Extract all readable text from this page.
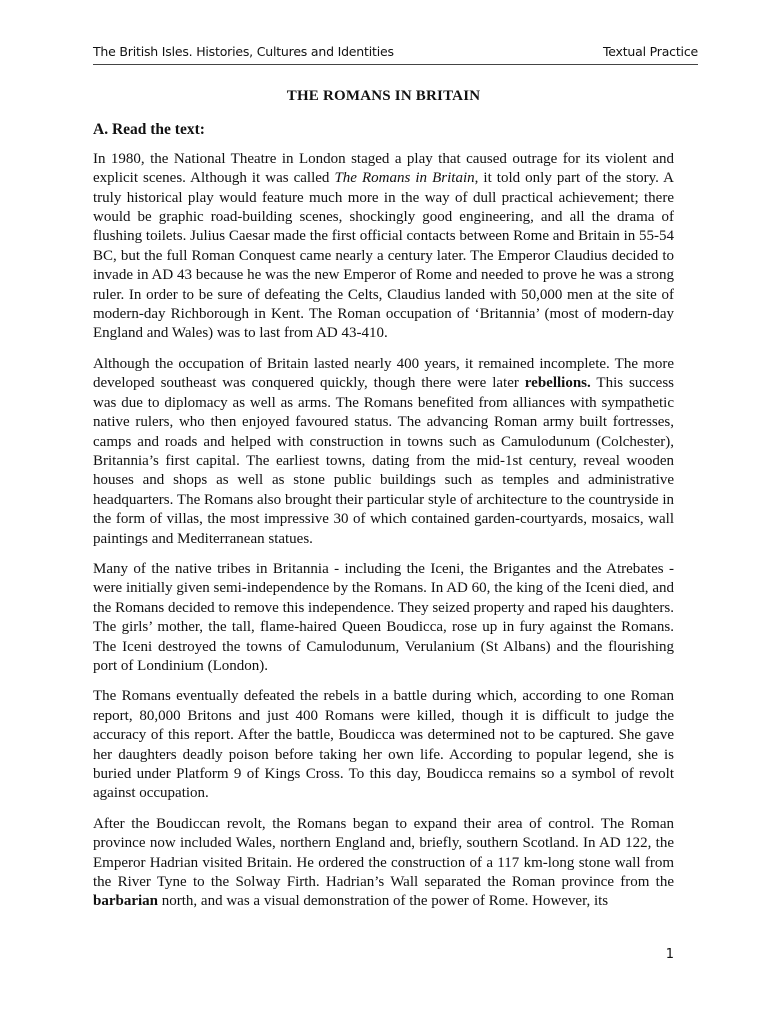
The British Isles. Histories, Cultures and Identities	Textual Practice
THE ROMANS IN BRITAIN
A. Read the text:

In 1980, the National Theatre in London staged a play that caused outrage for its violent and explicit scenes. Although it was called The Romans in Britain, it told only part of the story. A truly historical play would feature much more in the way of dull practical achievement; there would be graphic road-building scenes, shockingly good engineering, and all the drama of flushing toilets. Julius Caesar made the first official contacts between Rome and Britain in 55-54 BC, but the full Roman Conquest came nearly a century later. The Emperor Claudius decided to invade in AD 43 because he was the new Emperor of Rome and needed to prove he was a strong ruler. In order to be sure of defeating the Celts, Claudius landed with 50,000 men at the site of modern-day Richborough in Kent. The Roman occupation of ‘Britannia’ (most of modern-day England and Wales) was to last from AD 43-410.

Although the occupation of Britain lasted nearly 400 years, it remained incomplete. The more developed southeast was conquered quickly, though there were later rebellions. This success was due to diplomacy as well as arms. The Romans benefited from alliances with sympathetic native rulers, who then enjoyed favoured status. The advancing Roman army built fortresses, camps and roads and helped with construction in towns such as Camulodunum (Colchester), Britannia’s first capital. The earliest towns, dating from the mid-1st century, reveal wooden houses and shops as well as stone public buildings such as temples and administrative headquarters. The Romans also brought their particular style of architecture to the countryside in the form of villas, the most impressive 30 of which contained garden-courtyards, mosaics, wall paintings and Mediterranean statues.

Many of the native tribes in Britannia - including the Iceni, the Brigantes and the Atrebates - were initially given semi-independence by the Romans. In AD 60, the king of the Iceni died, and the Romans decided to remove this independence. They seized property and raped his daughters. The girls’ mother, the tall, flame-haired Queen Boudicca, rose up in fury against the Romans. The Iceni destroyed the towns of Camulodunum, Verulanium (St Albans) and the flourishing port of Londinium (London).

The Romans eventually defeated the rebels in a battle during which, according to one Roman report, 80,000 Britons and just 400 Romans were killed, though it is difficult to judge the accuracy of this report. After the battle, Boudicca was determined not to be captured. She gave her daughters deadly poison before taking her own life. According to popular legend, she is buried under Platform 9 of Kings Cross. To this day, Boudicca remains so a symbol of revolt against occupation.

After the Boudiccan revolt, the Romans began to expand their area of control. The Roman province now included Wales, northern England and, briefly, southern Scotland. In AD 122, the Emperor Hadrian visited Britain. He ordered the construction of a 117 km-long stone wall from the River Tyne to the Solway Firth. Hadrian’s Wall separated the Roman province from the barbarian north, and was a visual demonstration of the power of Rome. However, its

1
